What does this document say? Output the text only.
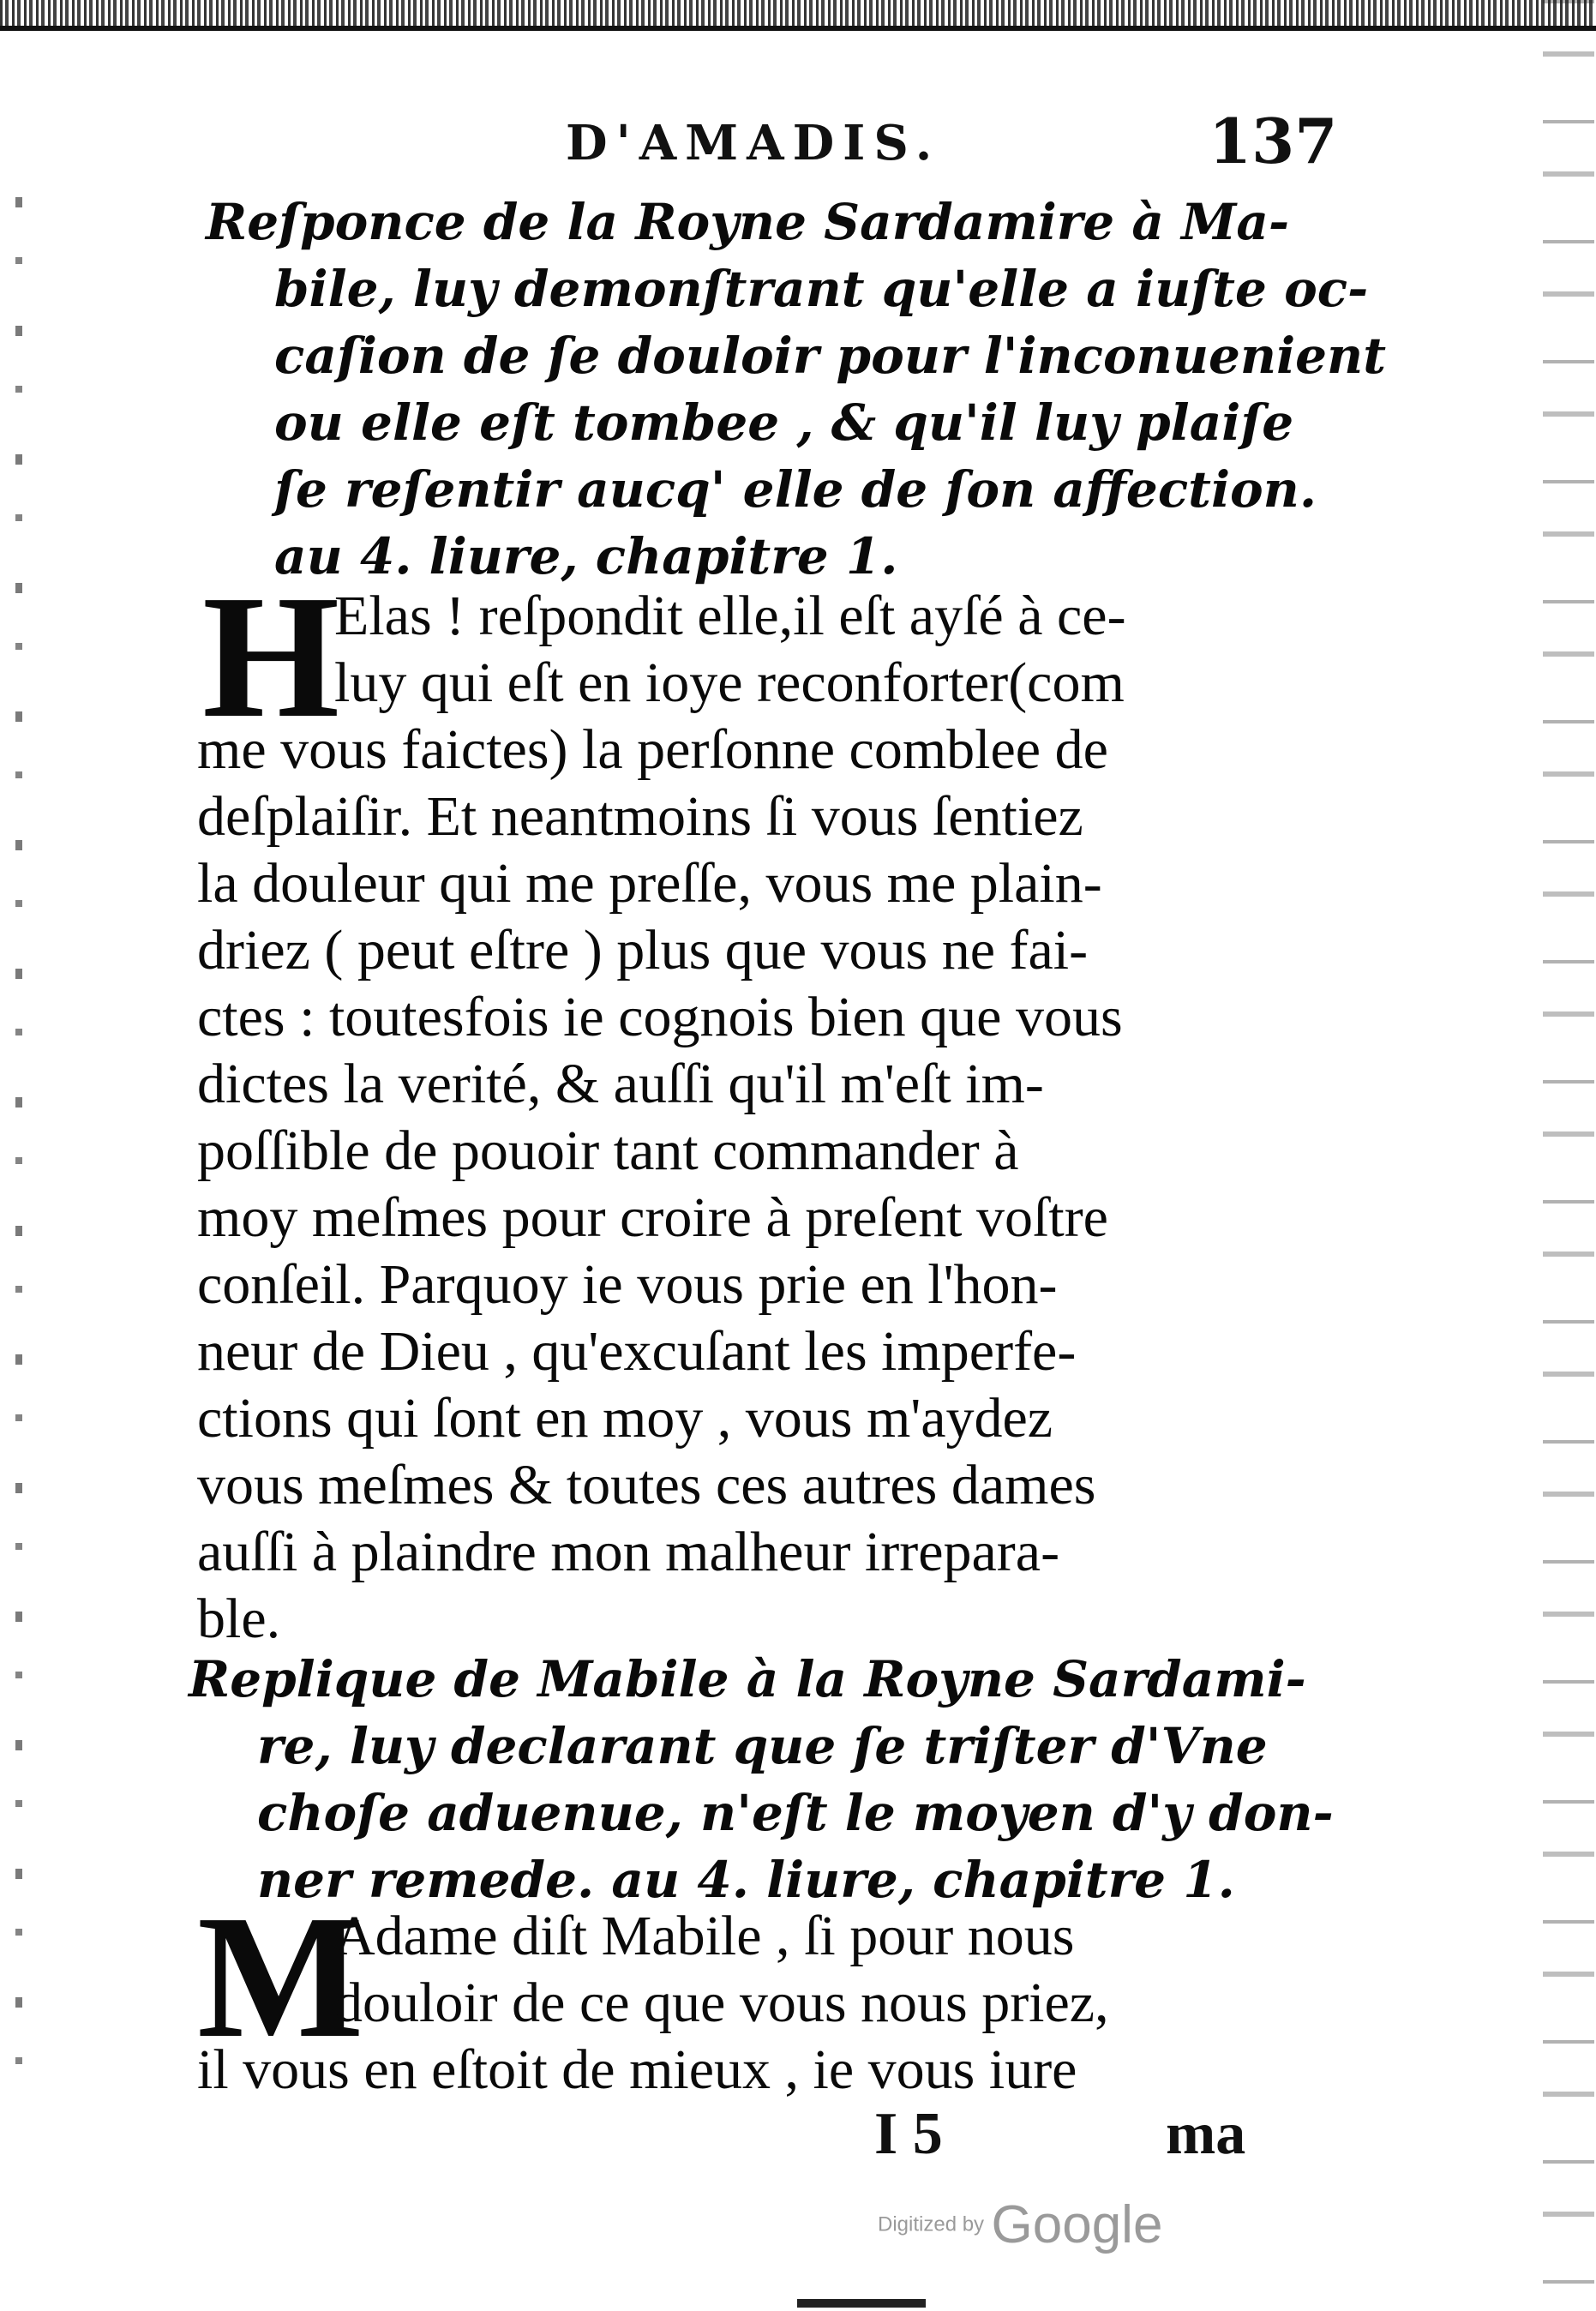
D'AMADIS.	137
Reſponce de la Royne Sardamire à Ma-
bile, luy demonſtrant qu'elle a iuſte oc-
caſion de ſe douloir pour l'inconuenient
ou elle eſt tombee , & qu'il luy plaiſe
ſe reſentir aucq' elle de ſon affection.
au 4. liure, chapitre 1.
H
Elas ! reſpondit elle,il eſt ayſé à ce-
luy qui eſt en ioye reconforter(com
me vous faictes) la perſonne comblee de
deſplaiſir. Et neantmoins ſi vous ſentiez
la douleur qui me preſſe, vous me plain-
driez ( peut eſtre ) plus que vous ne fai-
ctes : toutesfois ie cognois bien que vous
dictes la verité, & auſſi qu'il m'eſt im-
poſſible de pouoir tant commander à
moy meſmes pour croire à preſent voſtre
conſeil. Parquoy ie vous prie en l'hon-
neur de Dieu , qu'excuſant les imperfe-
ctions qui ſont en moy , vous m'aydez
vous meſmes & toutes ces autres dames
auſſi à plaindre mon malheur irrepara-
ble.
Replique de Mabile à la Royne Sardami-
re, luy declarant que ſe triſter d'Vne
choſe aduenue, n'eſt le moyen d'y don-
ner remede. au 4. liure, chapitre 1.
M
Adame diſt Mabile , ſi pour nous
douloir de ce que vous nous priez,
il vous en eſtoit de mieux , ie vous iure
I 5	ma
Digitized by Google
